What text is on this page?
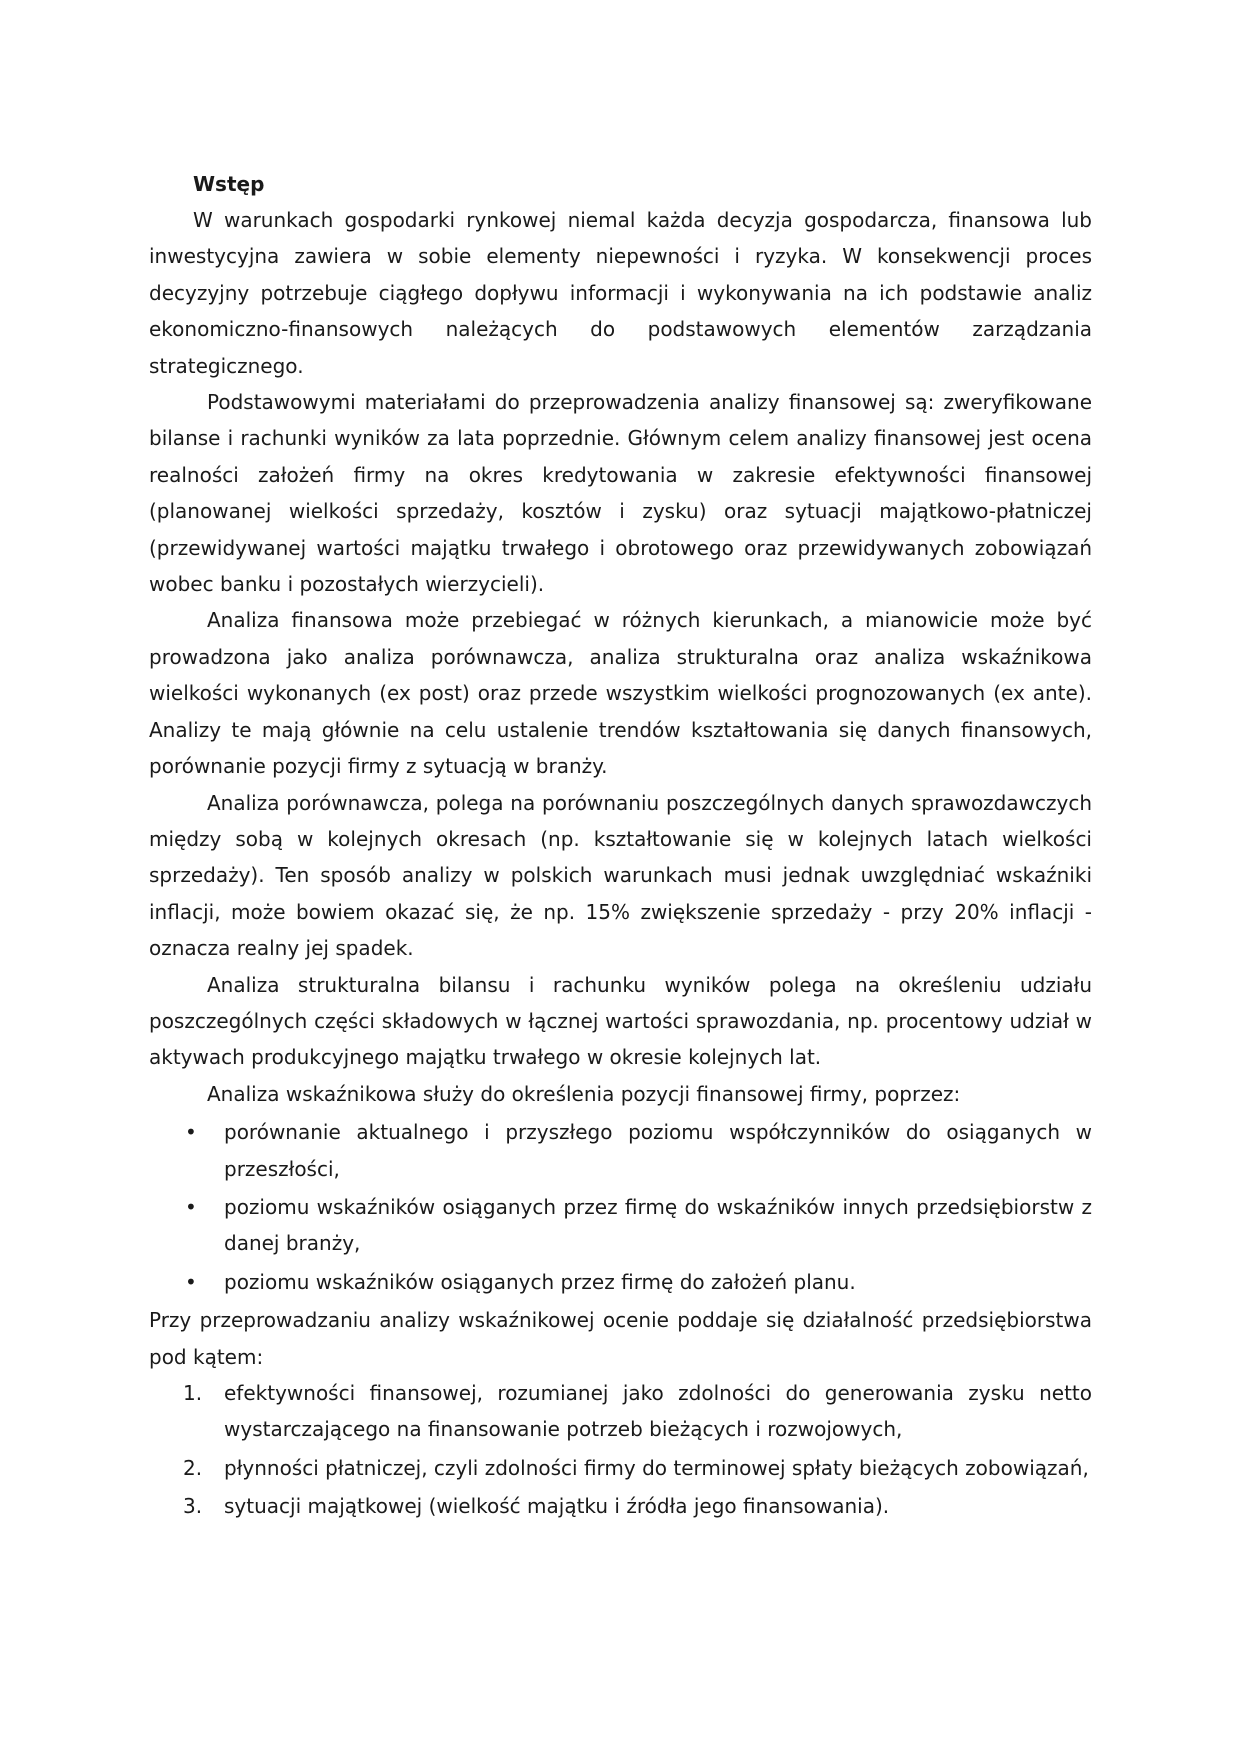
Wstęp

W warunkach gospodarki rynkowej niemal każda decyzja gospodarcza, finansowa lub inwestycyjna zawiera w sobie elementy niepewności i ryzyka. W konsekwencji proces decyzyjny potrzebuje ciągłego dopływu informacji i wykonywania na ich podstawie analiz ekonomiczno-finansowych należących do podstawowych elementów zarządzania strategicznego.

Podstawowymi materiałami do przeprowadzenia analizy finansowej są: zweryfikowane bilanse i rachunki wyników za lata poprzednie. Głównym celem analizy finansowej jest ocena realności założeń firmy na okres kredytowania w zakresie efektywności finansowej (planowanej wielkości sprzedaży, kosztów i zysku) oraz sytuacji majątkowo-płatniczej (przewidywanej wartości majątku trwałego i obrotowego oraz przewidywanych zobowiązań wobec banku i pozostałych wierzycieli).

Analiza finansowa może przebiegać w różnych kierunkach, a mianowicie może być prowadzona jako analiza porównawcza, analiza strukturalna oraz analiza wskaźnikowa wielkości wykonanych (ex post) oraz przede wszystkim wielkości prognozowanych (ex ante). Analizy te mają głównie na celu ustalenie trendów kształtowania się danych finansowych, porównanie pozycji firmy z sytuacją w branży.

Analiza porównawcza, polega na porównaniu poszczególnych danych sprawozdawczych między sobą w kolejnych okresach (np. kształtowanie się w kolejnych latach wielkości sprzedaży). Ten sposób analizy w polskich warunkach musi jednak uwzględniać wskaźniki inflacji, może bowiem okazać się, że np. 15% zwiększenie sprzedaży - przy 20% inflacji - oznacza realny jej spadek.

Analiza strukturalna bilansu i rachunku wyników polega na określeniu udziału poszczególnych części składowych w łącznej wartości sprawozdania, np. procentowy udział w aktywach produkcyjnego majątku trwałego w okresie kolejnych lat.

Analiza wskaźnikowa służy do określenia pozycji finansowej firmy, poprzez:

• porównanie aktualnego i przyszłego poziomu współczynników do osiąganych w przeszłości,
• poziomu wskaźników osiąganych przez firmę do wskaźników innych przedsiębiorstw z danej branży,
• poziomu wskaźników osiąganych przez firmę do założeń planu.

Przy przeprowadzaniu analizy wskaźnikowej ocenie poddaje się działalność przedsiębiorstwa pod kątem:

1. efektywności finansowej, rozumianej jako zdolności do generowania zysku netto wystarczającego na finansowanie potrzeb bieżących i rozwojowych,
2. płynności płatniczej, czyli zdolności firmy do terminowej spłaty bieżących zobowiązań,
3. sytuacji majątkowej (wielkość majątku i źródła jego finansowania).
